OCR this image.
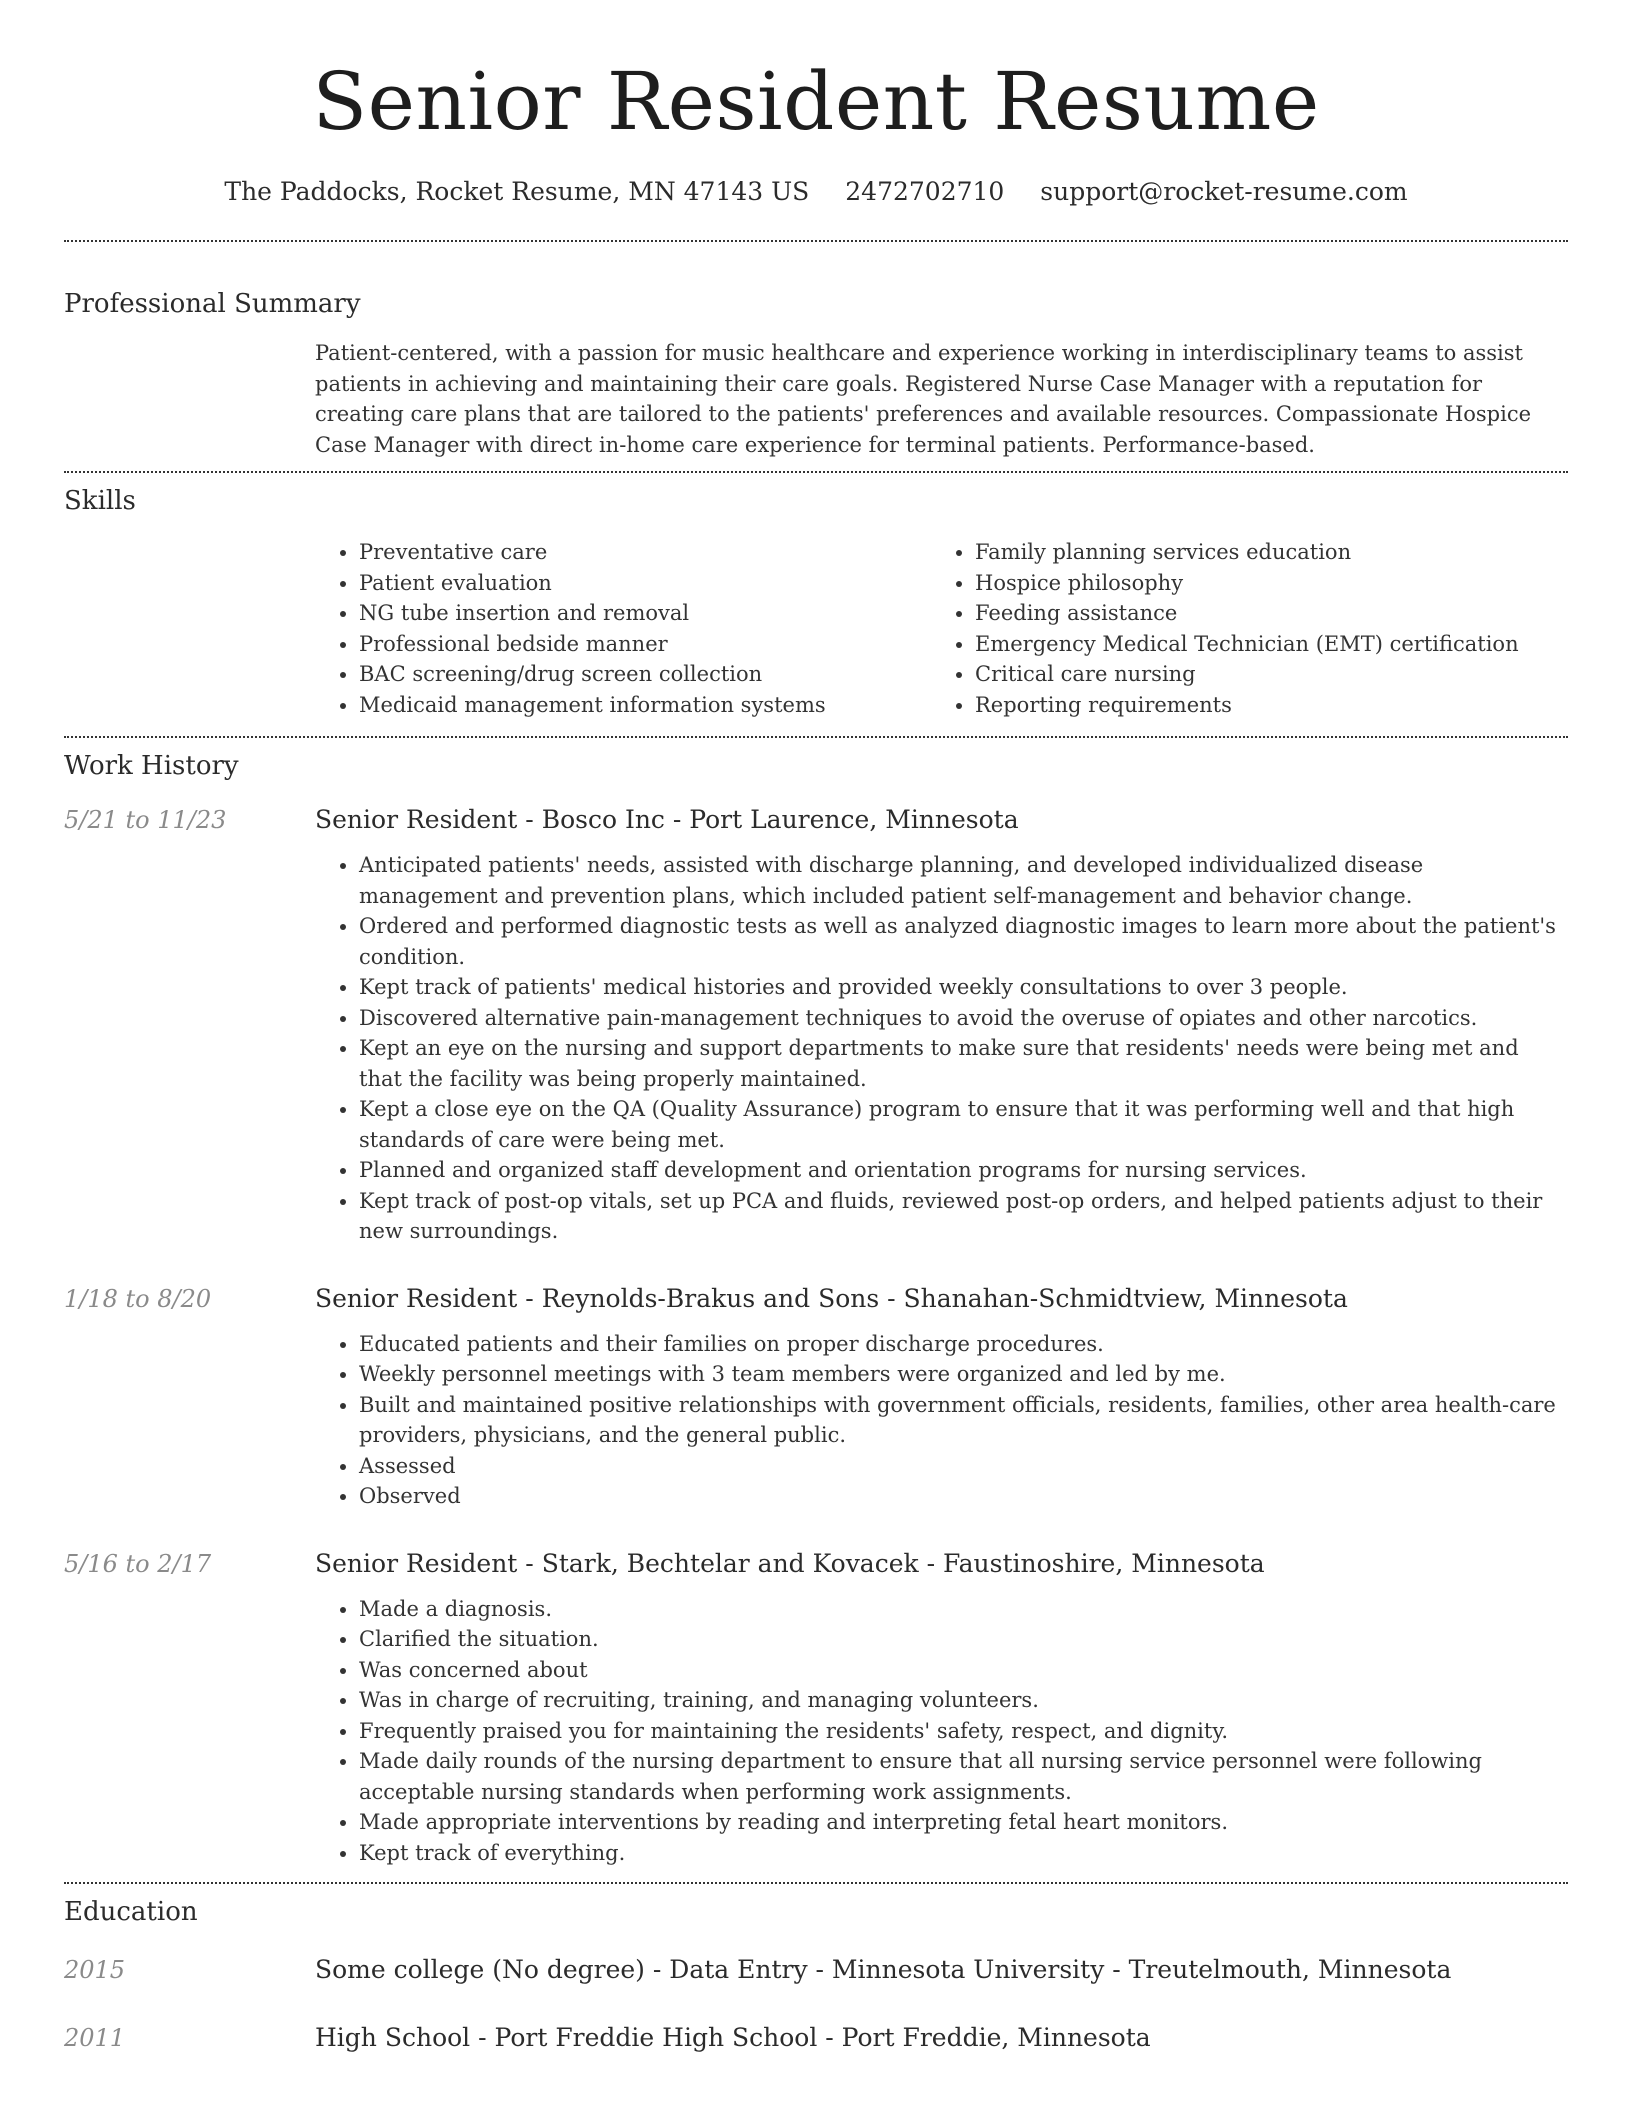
Senior Resident Resume
The Paddocks, Rocket Resume, MN 47143 US 2472702710 support@rocket-resume.com
Professional Summary
Patient-centered, with a passion for music healthcare and experience working in interdisciplinary teams to assist patients in achieving and maintaining their care goals. Registered Nurse Case Manager with a reputation for creating care plans that are tailored to the patients' preferences and available resources. Compassionate Hospice Case Manager with direct in-home care experience for terminal patients. Performance-based.
Skills
• Preventative care
• Patient evaluation
• NG tube insertion and removal
• Professional bedside manner
• BAC screening/drug screen collection
• Medicaid management information systems
• Family planning services education
• Hospice philosophy
• Feeding assistance
• Emergency Medical Technician (EMT) certification
• Critical care nursing
• Reporting requirements
Work History
5/21 to 11/23	Senior Resident - Bosco Inc - Port Laurence, Minnesota
• Anticipated patients' needs, assisted with discharge planning, and developed individualized disease management and prevention plans, which included patient self-management and behavior change.
• Ordered and performed diagnostic tests as well as analyzed diagnostic images to learn more about the patient's condition.
• Kept track of patients' medical histories and provided weekly consultations to over 3 people.
• Discovered alternative pain-management techniques to avoid the overuse of opiates and other narcotics.
• Kept an eye on the nursing and support departments to make sure that residents' needs were being met and that the facility was being properly maintained.
• Kept a close eye on the QA (Quality Assurance) program to ensure that it was performing well and that high standards of care were being met.
• Planned and organized staff development and orientation programs for nursing services.
• Kept track of post-op vitals, set up PCA and fluids, reviewed post-op orders, and helped patients adjust to their new surroundings.
1/18 to 8/20	Senior Resident - Reynolds-Brakus and Sons - Shanahan-Schmidtview, Minnesota
• Educated patients and their families on proper discharge procedures.
• Weekly personnel meetings with 3 team members were organized and led by me.
• Built and maintained positive relationships with government officials, residents, families, other area health-care providers, physicians, and the general public.
• Assessed
• Observed
5/16 to 2/17	Senior Resident - Stark, Bechtelar and Kovacek - Faustinoshire, Minnesota
• Made a diagnosis.
• Clarified the situation.
• Was concerned about
• Was in charge of recruiting, training, and managing volunteers.
• Frequently praised you for maintaining the residents' safety, respect, and dignity.
• Made daily rounds of the nursing department to ensure that all nursing service personnel were following acceptable nursing standards when performing work assignments.
• Made appropriate interventions by reading and interpreting fetal heart monitors.
• Kept track of everything.
Education
2015	Some college (No degree) - Data Entry - Minnesota University - Treutelmouth, Minnesota
2011	High School - Port Freddie High School - Port Freddie, Minnesota
